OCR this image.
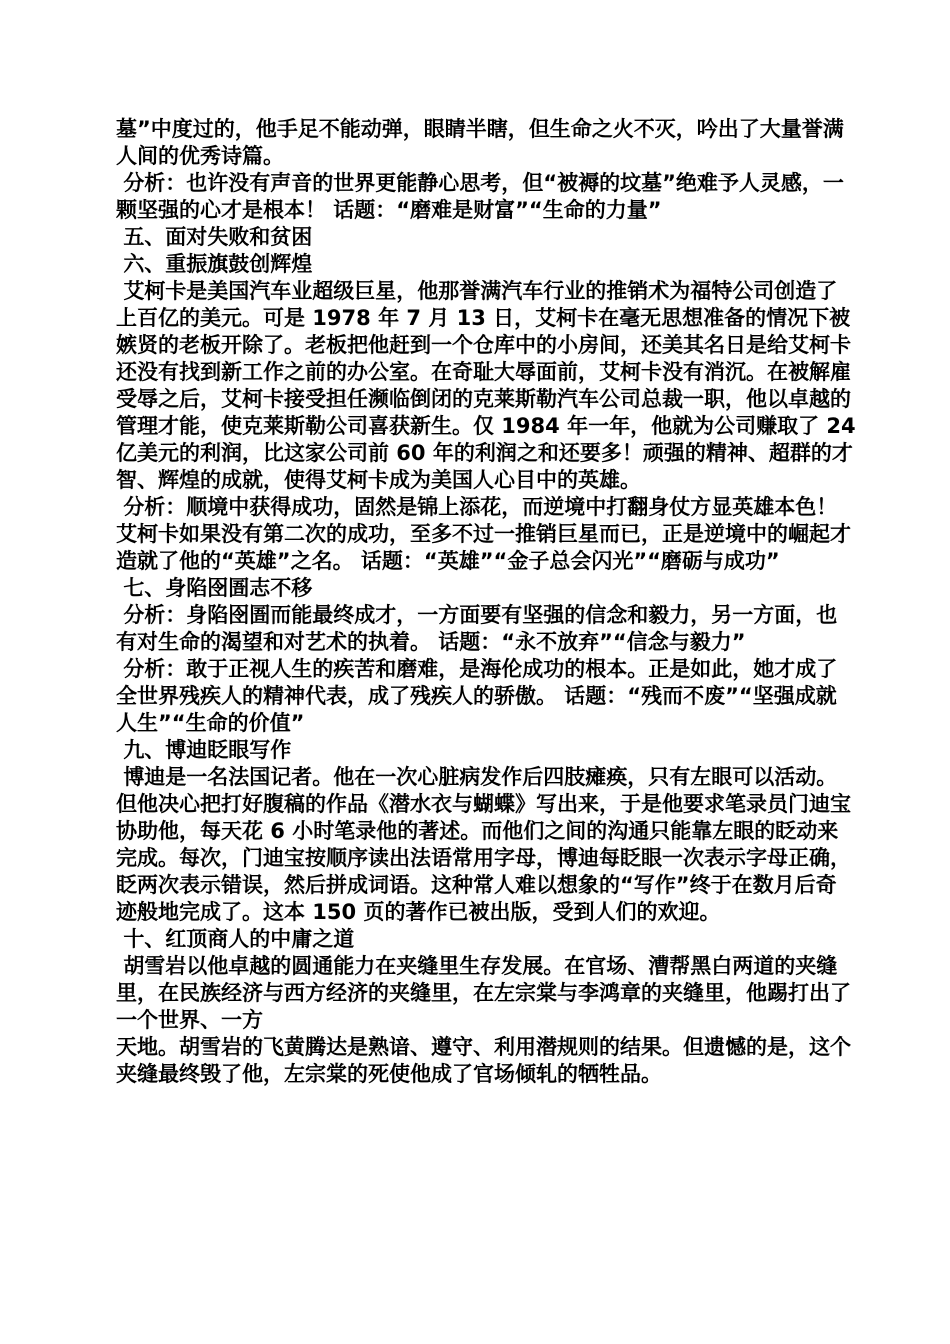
墓”中度过的，他手足不能动弹，眼睛半瞎，但生命之火不灭，吟出了大量誉满人间的优秀诗篇。

分析：也许没有声音的世界更能静心思考，但“被褥的坟墓”绝难予人灵感，一颗坚强的心才是根本！ 话题：“磨难是财富”“生命的力量”

五、面对失败和贫困

六、重振旗鼓创辉煌

艾柯卡是美国汽车业超级巨星，他那誉满汽车行业的推销术为福特公司创造了上百亿的美元。可是 1978 年 7 月 13 日，艾柯卡在毫无思想准备的情况下被嫉贤的老板开除了。老板把他赶到一个仓库中的小房间，还美其名日是给艾柯卡还没有找到新工作之前的办公室。在奇耻大辱面前，艾柯卡没有消沉。在被解雇受辱之后，艾柯卡接受担任濒临倒闭的克莱斯勒汽车公司总裁一职，他以卓越的管理才能，使克莱斯勒公司喜获新生。仅 1984 年一年，他就为公司赚取了 24 亿美元的利润，比这家公司前 60 年的利润之和还要多！顽强的精神、超群的才智、辉煌的成就，使得艾柯卡成为美国人心目中的英雄。

分析：顺境中获得成功，固然是锦上添花，而逆境中打翻身仗方显英雄本色！艾柯卡如果没有第二次的成功，至多不过一推销巨星而已，正是逆境中的崛起才造就了他的“英雄”之名。 话题：“英雄”“金子总会闪光”“磨砺与成功”

七、身陷囹圄志不移

分析：身陷囹圄而能最终成才，一方面要有坚强的信念和毅力，另一方面，也有对生命的渴望和对艺术的执着。 话题：“永不放弃”“信念与毅力”

分析：敢于正视人生的疾苦和磨难，是海伦成功的根本。正是如此，她才成了全世界残疾人的精神代表，成了残疾人的骄傲。 话题：“残而不废”“坚强成就人生”“生命的价值”

九、博迪眨眼写作

博迪是一名法国记者。他在一次心脏病发作后四肢瘫痪，只有左眼可以活动。但他决心把打好腹稿的作品《潜水衣与蝴蝶》写出来，于是他要求笔录员门迪宝协助他，每天花 6 小时笔录他的著述。而他们之间的沟通只能靠左眼的眨动来完成。每次，门迪宝按顺序读出法语常用字母，博迪每眨眼一次表示字母正确，眨两次表示错误，然后拼成词语。这种常人难以想象的“写作”终于在数月后奇迹般地完成了。这本 150 页的著作已被出版，受到人们的欢迎。

十、红顶商人的中庸之道

胡雪岩以他卓越的圆通能力在夹缝里生存发展。在官场、漕帮黑白两道的夹缝里，在民族经济与西方经济的夹缝里，在左宗棠与李鸿章的夹缝里，他踢打出了一个世界、一方

天地。胡雪岩的飞黄腾达是熟谙、遵守、利用潜规则的结果。但遗憾的是，这个夹缝最终毁了他，左宗棠的死使他成了官场倾轧的牺牲品。
